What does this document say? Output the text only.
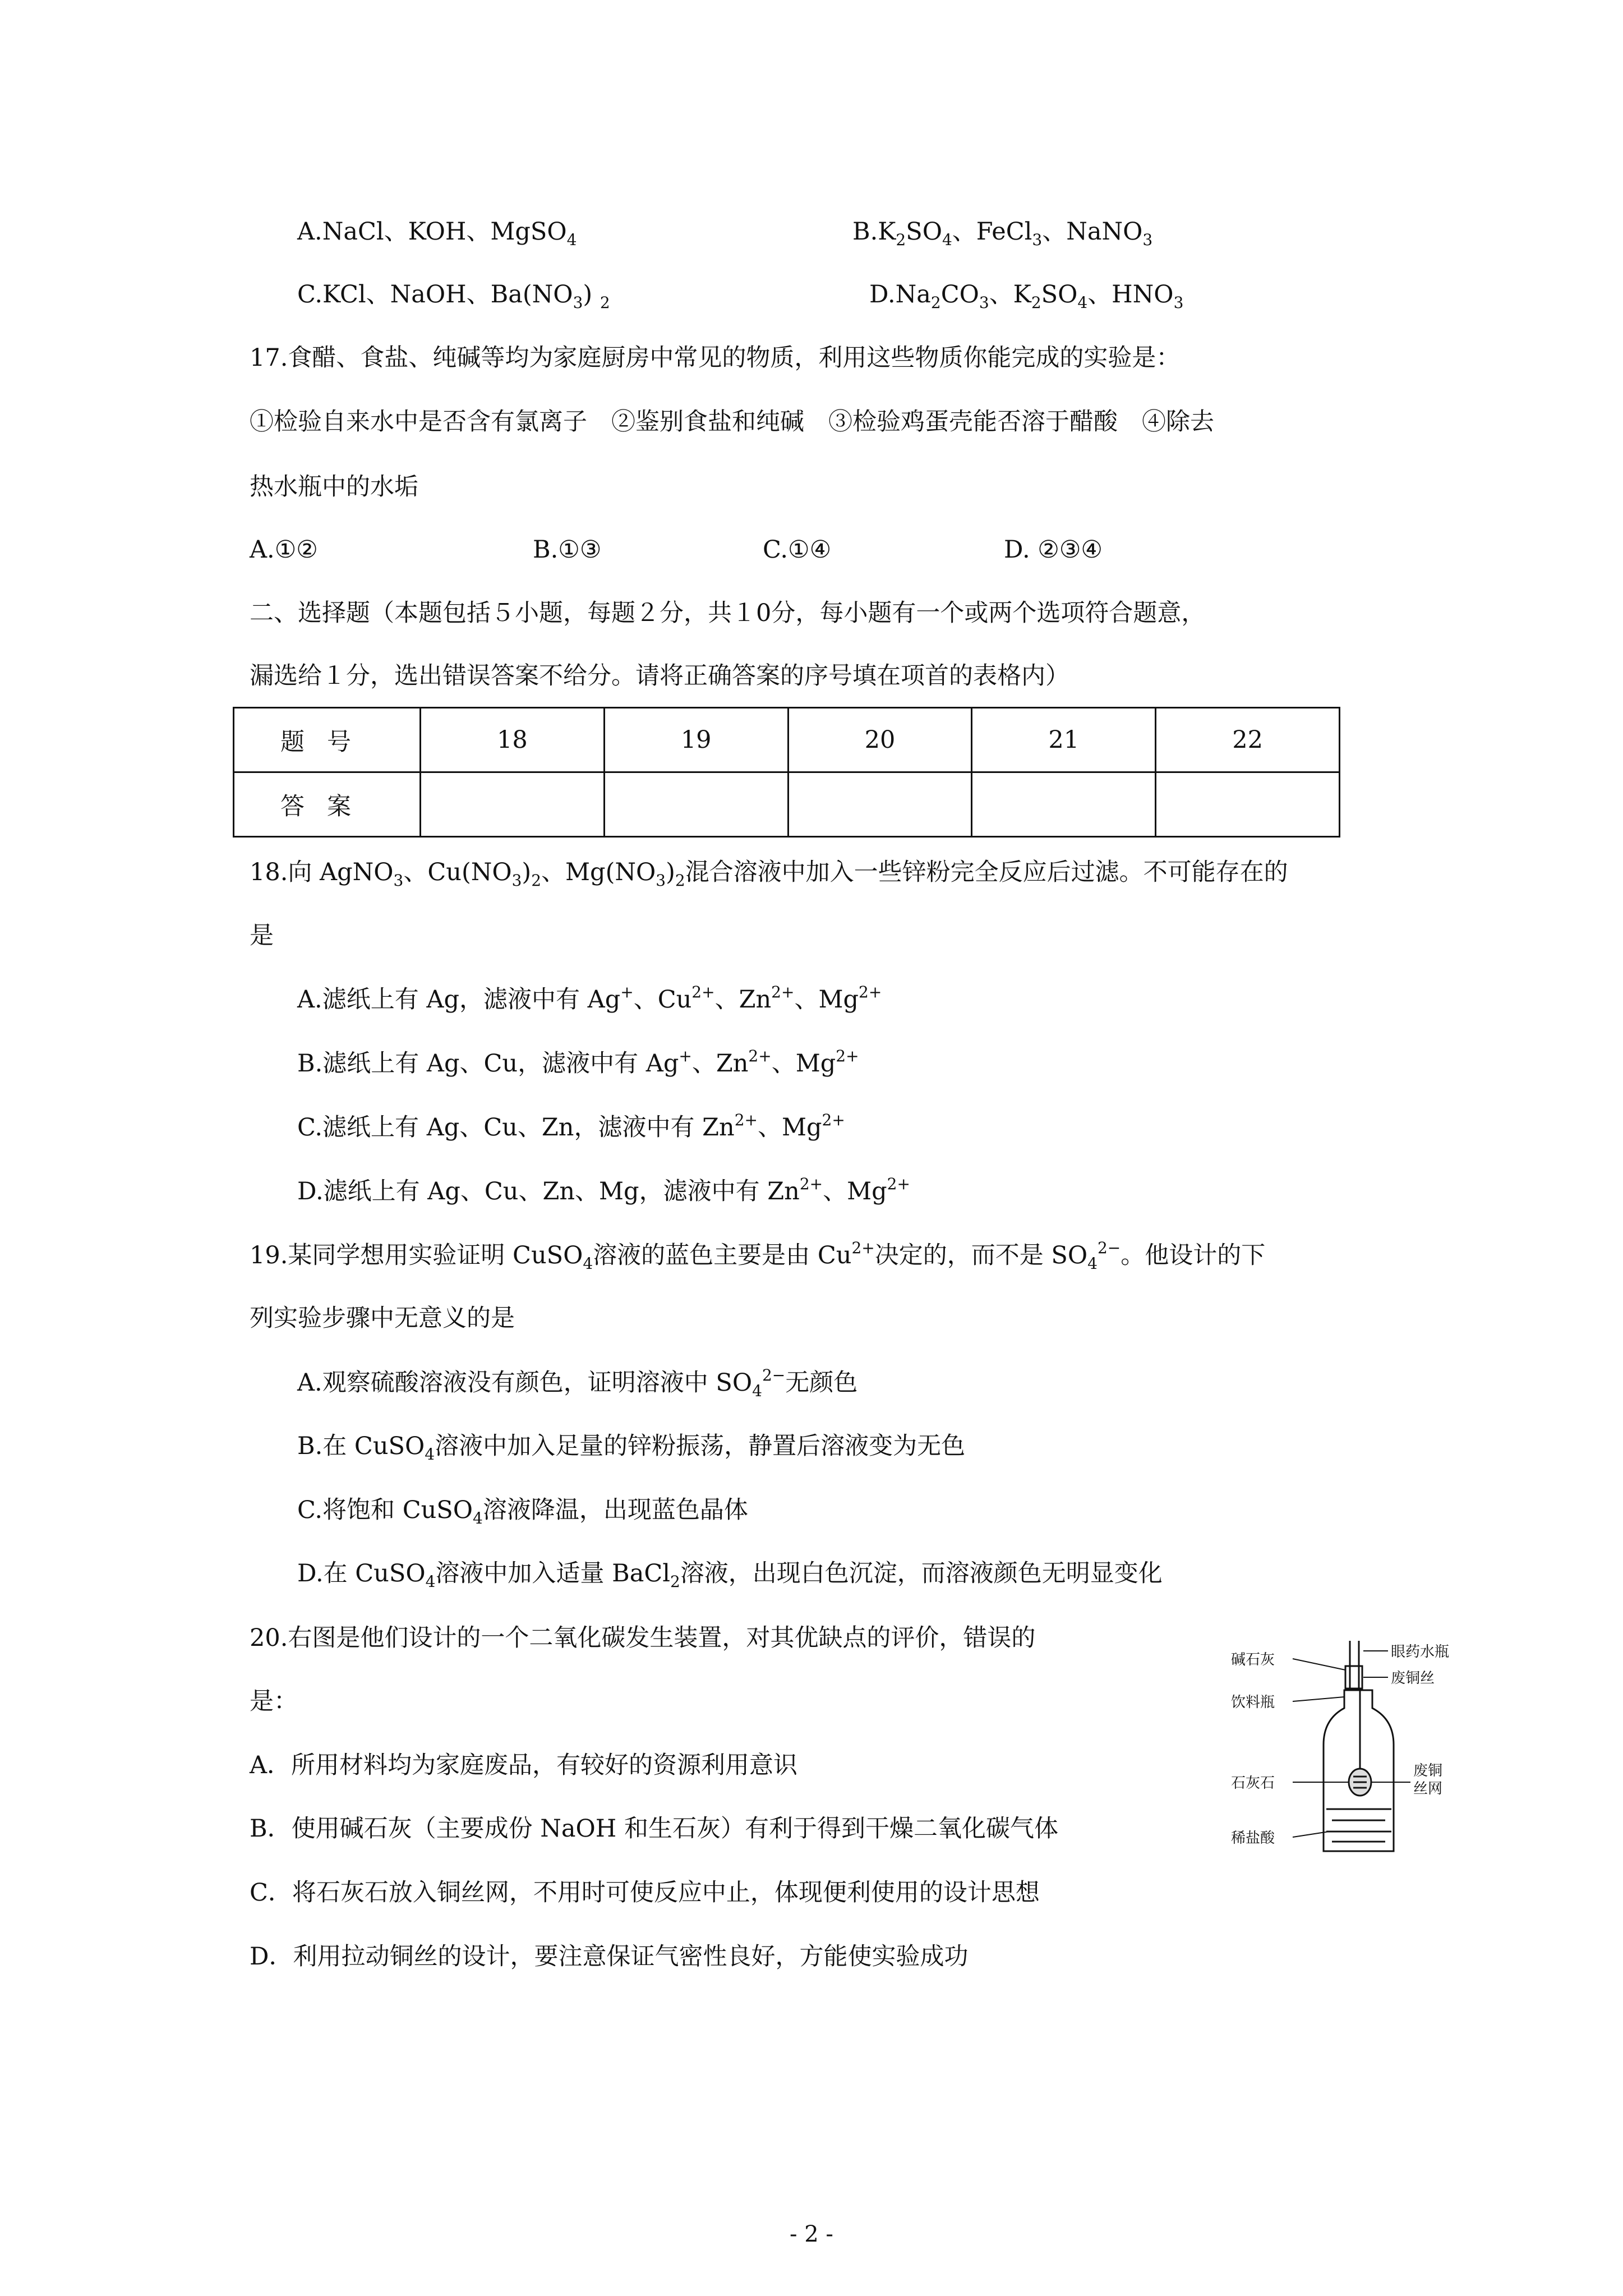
A.NaCl、KOH、MgSO$_4$	$B.K_2SO_4$、FeCl$_3$、NaNO$_3$
C.KCl、NaOH、$Ba(NO_3)$ $_2$	$D.Na_2CO_3$、$K_2SO_4$、$HNO_3$
17.食醋、食盐、纯碱等均为家庭厨房中常见的物质，利用这些物质你能完成的实验是：
①检验自来水中是否含有氯离子　②鉴别食盐和纯碱　③检验鸡蛋壳能否溶于醋酸　④除去
热水瓶中的水垢
A.①②	B.①③	C.①④	D. ②③④
二、选择题（本题包括５小题，每题２分，共１0分，每小题有一个或两个选项符合题意，
漏选给１分，选出错误答案不给分。请将正确答案的序号填在项首的表格内）
题号	18	19	20	21	22
答案					
18.向 AgNO$_3$、$Cu(NO_3)_2$、$Mg(NO_3)_2$混合溶液中加入一些锌粉完全反应后过滤。不可能存在的
是
A.滤纸上有 Ag，滤液中有 Ag+、$Cu^{2+}$、$Zn^{2+}$、$Mg^{2+}$
B.滤纸上有 Ag、Cu，滤液中有 Ag+、$Zn^{2+}$、$Mg^{2+}$
C.滤纸上有 Ag、Cu、Zn，滤液中有 $Zn^{2+}$、$Mg^{2+}$
D.滤纸上有 Ag、Cu、Zn、Mg，滤液中有 $Zn^{2+}$、$Mg^{2+}$
19.某同学想用实验证明 CuSO$_4$溶液的蓝色主要是由 $Cu^{2+}$决定的，而不是 $SO_4^{2-}$。他设计的下
列实验步骤中无意义的是
A.观察硫酸溶液没有颜色，证明溶液中 $SO_4^{2-}$无颜色
B.在 CuSO$_4$溶液中加入足量的锌粉振荡，静置后溶液变为无色
C.将饱和 CuSO$_4$溶液降温，出现蓝色晶体
D.在 CuSO$_4$溶液中加入适量 BaCl$_2$溶液，出现白色沉淀，而溶液颜色无明显变化
20.右图是他们设计的一个二氧化碳发生装置，对其优缺点的评价，错误的
是：
A．所用材料均为家庭废品，有较好的资源利用意识
B．使用碱石灰（主要成份 NaOH 和生石灰）有利于得到干燥二氧化碳气体
C．将石灰石放入铜丝网，不用时可使反应中止，体现便利使用的设计思想
D．利用拉动铜丝的设计，要注意保证气密性良好，方能使实验成功
碱石灰	眼药水瓶
废铜丝
饮料瓶
石灰石
废铜
丝网
稀盐酸
- 2 -
